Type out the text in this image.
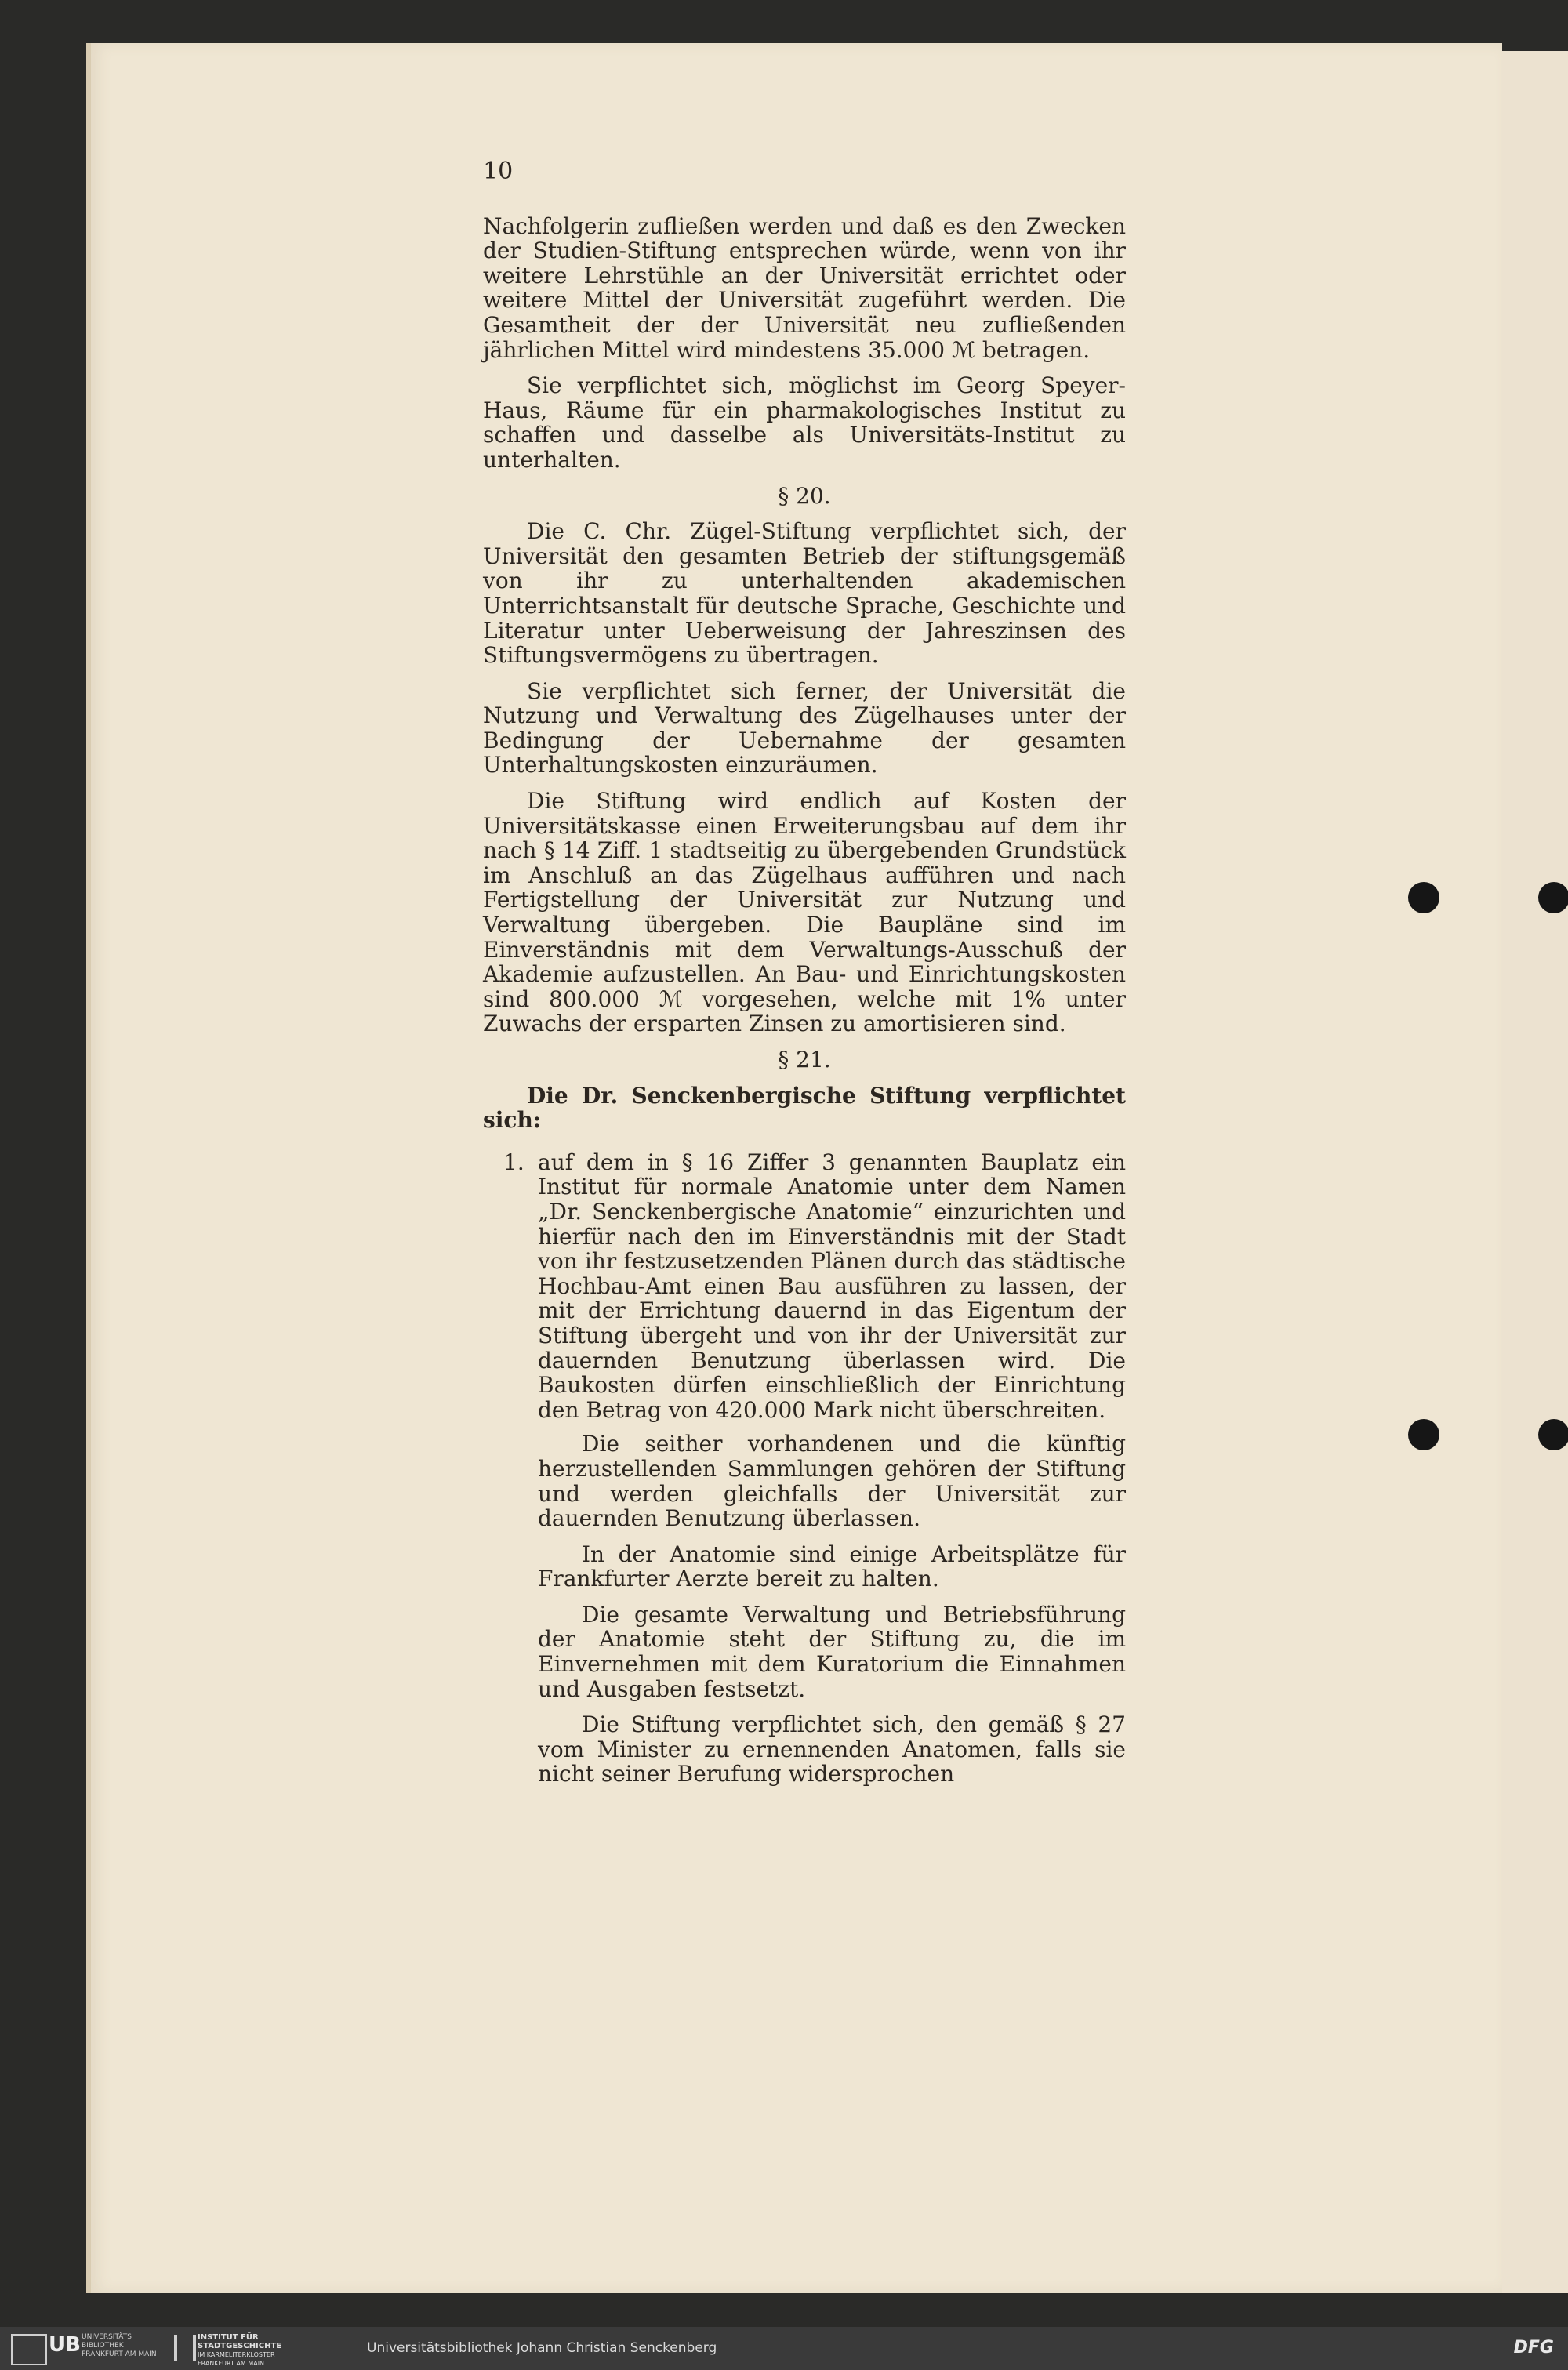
10

Nachfolgerin zufließen werden und daß es den Zwecken der Studien-Stiftung entsprechen würde, wenn von ihr weitere Lehrstühle an der Universität errichtet oder weitere Mittel der Universität zugeführt werden. Die Gesamtheit der der Universität neu zufließenden jährlichen Mittel wird mindestens 35.000 ℳ betragen.

Sie verpflichtet sich, möglichst im Georg Speyer-Haus, Räume für ein pharmakologisches Institut zu schaffen und dasselbe als Universitäts-Institut zu unterhalten.

§ 20.

Die C. Chr. Zügel-Stiftung verpflichtet sich, der Universität den gesamten Betrieb der stiftungsgemäß von ihr zu unterhaltenden akademischen Unterrichtsanstalt für deutsche Sprache, Geschichte und Literatur unter Ueberweisung der Jahreszinsen des Stiftungsvermögens zu übertragen.

Sie verpflichtet sich ferner, der Universität die Nutzung und Verwaltung des Zügelhauses unter der Bedingung der Uebernahme der gesamten Unterhaltungskosten einzuräumen.

Die Stiftung wird endlich auf Kosten der Universitätskasse einen Erweiterungsbau auf dem ihr nach § 14 Ziff. 1 stadtseitig zu übergebenden Grundstück im Anschluß an das Zügelhaus aufführen und nach Fertigstellung der Universität zur Nutzung und Verwaltung übergeben. Die Baupläne sind im Einverständnis mit dem Verwaltungs-Ausschuß der Akademie aufzustellen. An Bau- und Einrichtungskosten sind 800.000 ℳ vorgesehen, welche mit 1% unter Zuwachs der ersparten Zinsen zu amortisieren sind.

§ 21.

Die Dr. Senckenbergische Stiftung verpflichtet sich:

1. auf dem in § 16 Ziffer 3 genannten Bauplatz ein Institut für normale Anatomie unter dem Namen „Dr. Senckenbergische Anatomie“ einzurichten und hierfür nach den im Einverständnis mit der Stadt von ihr festzusetzenden Plänen durch das städtische Hochbau-Amt einen Bau ausführen zu lassen, der mit der Errichtung dauernd in das Eigentum der Stiftung übergeht und von ihr der Universität zur dauernden Benutzung überlassen wird. Die Baukosten dürfen einschließlich der Einrichtung den Betrag von 420.000 Mark nicht überschreiten.

Die seither vorhandenen und die künftig herzustellenden Sammlungen gehören der Stiftung und werden gleichfalls der Universität zur dauernden Benutzung überlassen.

In der Anatomie sind einige Arbeitsplätze für Frankfurter Aerzte bereit zu halten.

Die gesamte Verwaltung und Betriebsführung der Anatomie steht der Stiftung zu, die im Einvernehmen mit dem Kuratorium die Einnahmen und Ausgaben festsetzt.

Die Stiftung verpflichtet sich, den gemäß § 27 vom Minister zu ernennenden Anatomen, falls sie nicht seiner Berufung widersprochen

UB UNIVERSITÄTS
BIBLIOTHEK
FRANKFURT AM MAIN
INSTITUT FÜR
STADTGESCHICHTE
IM KARMELITERKLOSTER
FRANKFURT AM MAIN
Universitätsbibliothek Johann Christian Senckenberg	DFG
